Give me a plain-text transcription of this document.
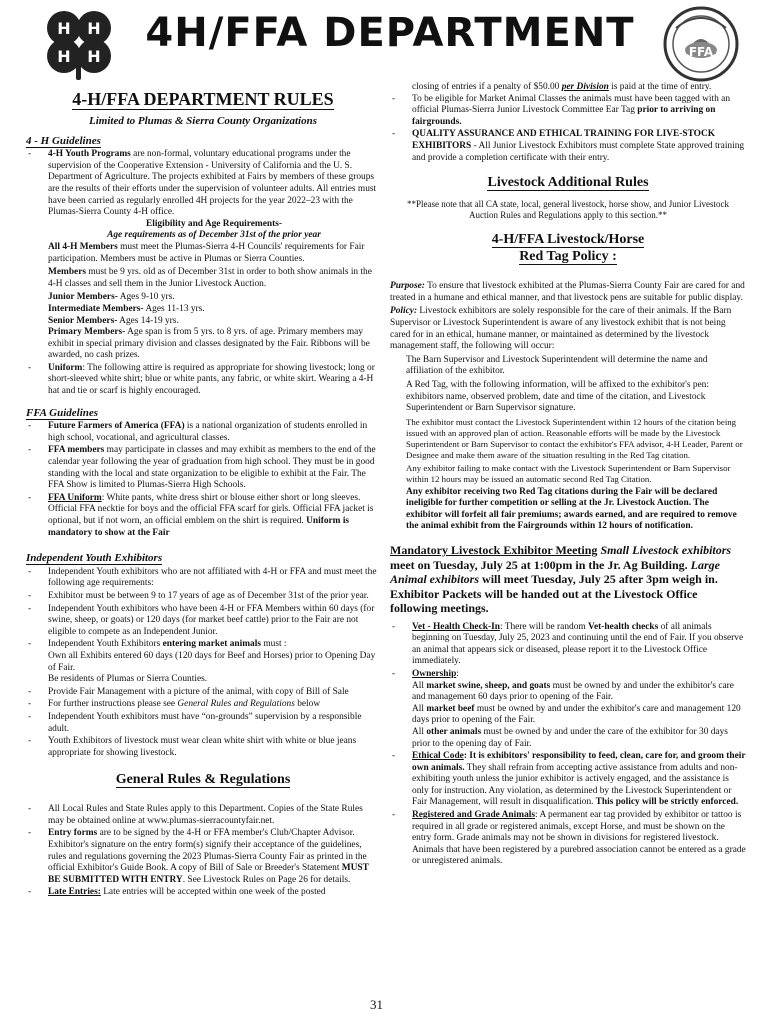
H H
H H
4H/FFA DEPARTMENT	FFA
4-H/FFA DEPARTMENT RULES
Limited to Plumas & Sierra County Organizations
4 - H Guidelines
- 4-H Youth Programs are non-formal, voluntary educational programs under the supervision of the Cooperative Extension - University of California and the U. S. Department of Agriculture. The projects exhibited at Fairs by members of these groups are the results of their efforts under the supervision of volunteer adults. All entries must have been carried as regularly enrolled 4H projects for the year 2022–23 with the Plumas-Sierra County 4-H office.
Eligibility and Age Requirements-
Age requirements as of December 31st of the prior year
All 4-H Members must meet the Plumas-Sierra 4-H Councils' requirements for Fair participation. Members must be active in Plumas or Sierra Counties.
Members must be 9 yrs. old as of December 31st in order to both show animals in the 4-H classes and sell them in the Junior Livestock Auction.
Junior Members- Ages 9-10 yrs.
Intermediate Members- Ages 11-13 yrs.
Senior Members- Ages 14-19 yrs.
Primary Members- Age span is from 5 yrs. to 8 yrs. of age. Primary members may exhibit in special primary division and classes designated by the Fair. Ribbons will be awarded, no cash prizes.
- Uniform: The following attire is required as appropriate for showing livestock; long or short-sleeved white shirt; blue or white pants, any fabric, or white skirt. Wearing a 4-H hat and tie or scarf is highly encouraged.
FFA Guidelines
- Future Farmers of America (FFA) is a national organization of students enrolled in high school, vocational, and agricultural classes.
- FFA members may participate in classes and may exhibit as members to the end of the calendar year following the year of graduation from high school. They must be in good standing with the local and state organization to be eligible to exhibit at the Fair. The FFA Show is limited to Plumas-Sierra High Schools.
- FFA Uniform: White pants, white dress shirt or blouse either short or long sleeves. Official FFA necktie for boys and the official FFA scarf for girls. Official FFA jacket is optional, but if not worn, an official emblem on the shirt is required. Uniform is mandatory to show at the Fair
Independent Youth Exhibitors
- Independent Youth exhibitors who are not affiliated with 4-H or FFA and must meet the following age requirements:
- Exhibitor must be between 9 to 17 years of age as of December 31st of the prior year.
- Independent Youth exhibitors who have been 4-H or FFA Members within 60 days (for swine, sheep, or goats) or 120 days (for market beef cattle) prior to the Fair are not eligible to compete as an Independent Junior.
- Independent Youth Exhibitors entering market animals must :
Own all Exhibits entered 60 days (120 days for Beef and Horses) prior to Opening Day of Fair.
Be residents of Plumas or Sierra Counties.
- Provide Fair Management with a picture of the animal, with copy of Bill of Sale
- For further instructions please see General Rules and Regulations below
- Independent Youth exhibitors must have “on-grounds” supervision by a responsible adult.
- Youth Exhibitors of livestock must wear clean white shirt with white or blue jeans appropriate for showing livestock.
General Rules & Regulations
- All Local Rules and State Rules apply to this Department. Copies of the State Rules may be obtained online at www.plumas-sierracountyfair.net.
- Entry forms are to be signed by the 4-H or FFA member's Club/Chapter Advisor. Exhibitor's signature on the entry form(s) signify their acceptance of the guidelines, rules and regulations governing the 2023 Plumas-Sierra County Fair as printed in the official Exhibitor's Guide Book. A copy of Bill of Sale or Breeder's Statement MUST BE SUBMITTED WITH ENTRY. See Livestock Rules on Page 26 for details.
- Late Entries: Late entries will be accepted within one week of the posted
closing of entries if a penalty of $50.00 per Division is paid at the time of entry.
- To be eligible for Market Animal Classes the animals must have been tagged with an official Plumas-Sierra Junior Livestock Committee Ear Tag prior to arriving on fairgrounds.
- QUALITY ASSURANCE AND ETHICAL TRAINING FOR LIVE-STOCK EXHIBITORS - All Junior Livestock Exhibitors must complete State approved training and provide a completion certificate with their entry.
Livestock Additional Rules
**Please note that all CA state, local, general livestock, horse show, and Junior Livestock Auction Rules and Regulations apply to this section.**
4-H/FFA Livestock/Horse
Red Tag Policy :
Purpose: To ensure that livestock exhibited at the Plumas-Sierra County Fair are cared for and treated in a humane and ethical manner, and that livestock pens are suitable for public display.
Policy: Livestock exhibitors are solely responsible for the care of their animals. If the Barn Supervisor or Livestock Superintendent is aware of any livestock exhibit that is not being cared for in an ethical, humane manner, or maintained as determined by the livestock management staff, the following will occur:
The Barn Supervisor and Livestock Superintendent will determine the name and affiliation of the exhibitor.
A Red Tag, with the following information, will be affixed to the exhibitor's pen: exhibitors name, observed problem, date and time of the citation, and Livestock Superintendent or Barn Supervisor signature.
The exhibitor must contact the Livestock Superintendent within 12 hours of the citation being issued with an approved plan of action. Reasonable efforts will be made by the Livestock Superintendent or Barn Supervisor to contact the exhibitor's FFA advisor, 4-H Leader, Parent or Designee and make them aware of the situation resulting in the Red Tag citation.
Any exhibitor failing to make contact with the Livestock Superintendent or Barn Supervisor within 12 hours may be issued an automatic second Red Tag Citation.
Any exhibitor receiving two Red Tag citations during the Fair will be declared ineligible for further competition or selling at the Jr. Livestock Auction. The exhibitor will forfeit all fair premiums; awards earned, and are required to remove the animal exhibit from the Fairgrounds within 12 hours of notification.
Mandatory Livestock Exhibitor Meeting Small Livestock exhibitors meet on Tuesday, July 25 at 1:00pm in the Jr. Ag Building. Large Animal exhibitors will meet Tuesday, July 25 after 3pm weigh in. Exhibitor Packets will be handed out at the Livestock Office following meetings.
- Vet - Health Check-In: There will be random Vet-health checks of all animals beginning on Tuesday, July 25, 2023 and continuing until the end of Fair. If you observe an animal that appears sick or diseased, please report it to the Livestock Office immediately.
- Ownership:
All market swine, sheep, and goats must be owned by and under the exhibitor's care and management 60 days prior to opening of the Fair.
All market beef must be owned by and under the exhibitor's care and management 120 days prior to opening of the Fair.
All other animals must be owned by and under the care of the exhibitor for 30 days prior to the opening day of Fair.
- Ethical Code: It is exhibitors' responsibility to feed, clean, care for, and groom their own animals. They shall refrain from accepting active assistance from adults and non-exhibiting youth unless the junior exhibitor is actively engaged, and the assistance is only for instruction. Any violation, as determined by the Livestock Superintendent or Fair Management, will result in disqualification. This policy will be strictly enforced.
- Registered and Grade Animals: A permanent ear tag provided by exhibitor or tattoo is required in all grade or registered animals, except Horse, and must be shown on the entry form. Grade animals may not be shown in divisions for registered livestock. Animals that have been registered by a purebred association cannot be entered as a grade or unregistered animals.
31
